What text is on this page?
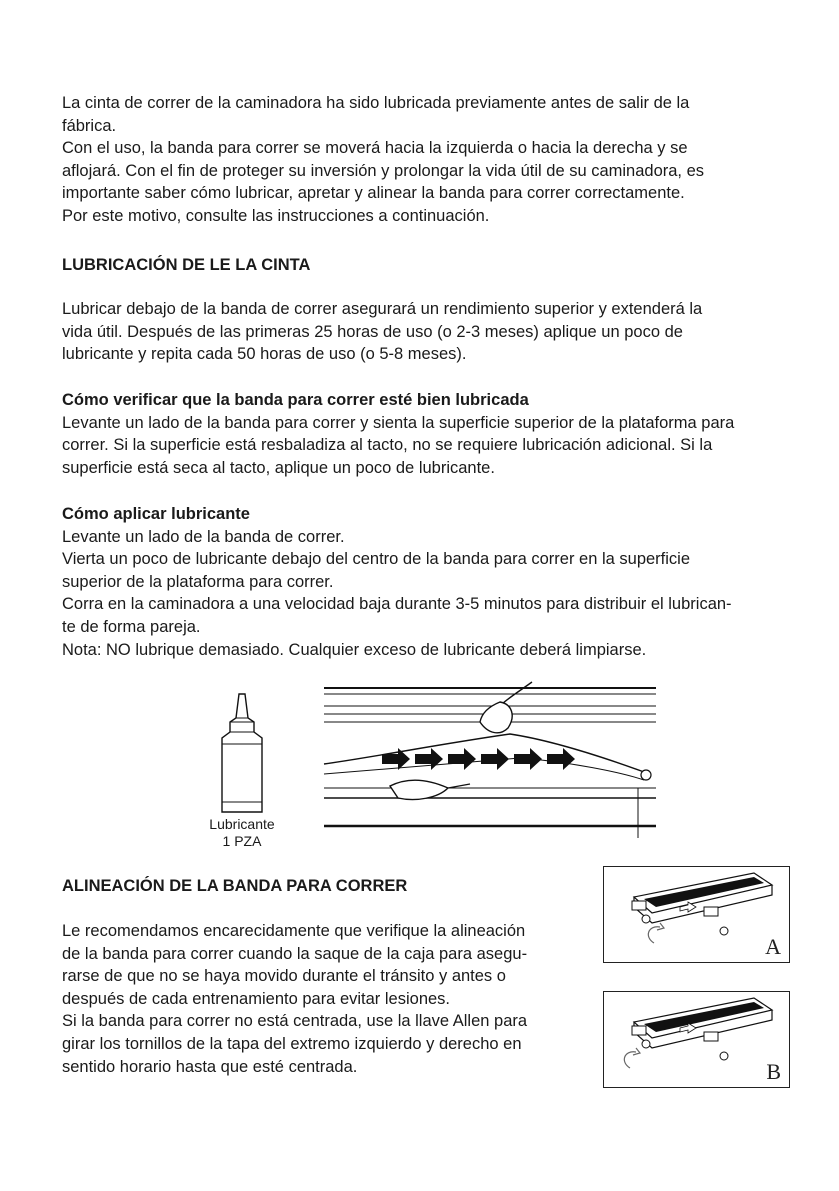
La cinta de correr de la caminadora ha sido lubricada previamente antes de salir de la

fábrica.

Con el uso, la banda para correr se moverá hacia la izquierda o hacia la derecha y se

aflojará. Con el fin de proteger su inversión y prolongar la vida útil de su caminadora, es

importante saber cómo lubricar, apretar y alinear la banda para correr correctamente.

Por este motivo, consulte las instrucciones a continuación.

LUBRICACIÓN DE LE LA CINTA

Lubricar debajo de la banda de correr asegurará un rendimiento superior y extenderá la

vida útil. Después de las primeras 25 horas de uso (o 2-3 meses) aplique un poco de

lubricante y repita cada 50 horas de uso (o 5-8 meses).

Cómo verificar que la banda para correr esté bien lubricada

Levante un lado de la banda para correr y sienta la superficie superior de la plataforma para

correr. Si la superficie está resbaladiza al tacto, no se requiere lubricación adicional. Si la

superficie está seca al tacto, aplique un poco de lubricante.

Cómo aplicar lubricante

Levante un lado de la banda de correr.

Vierta un poco de lubricante debajo del centro de la banda para correr en la superficie

superior de la plataforma para correr.

Corra en la caminadora a una velocidad baja durante 3-5 minutos para distribuir el lubrican-

te de forma pareja.

Nota: NO lubrique demasiado. Cualquier exceso de lubricante deberá limpiarse.

Lubricante
1 PZA
ALINEACIÓN DE LA BANDA PARA CORRER

Le recomendamos encarecidamente que verifique la alineación

de la banda para correr cuando la saque de la caja para asegu-

rarse de que no se haya movido durante el tránsito y antes o

después de cada entrenamiento para evitar lesiones.

Si la banda para correr no está centrada, use la llave Allen para

girar los tornillos de la tapa del extremo izquierdo y derecho en

sentido horario hasta que esté centrada.

A
B
